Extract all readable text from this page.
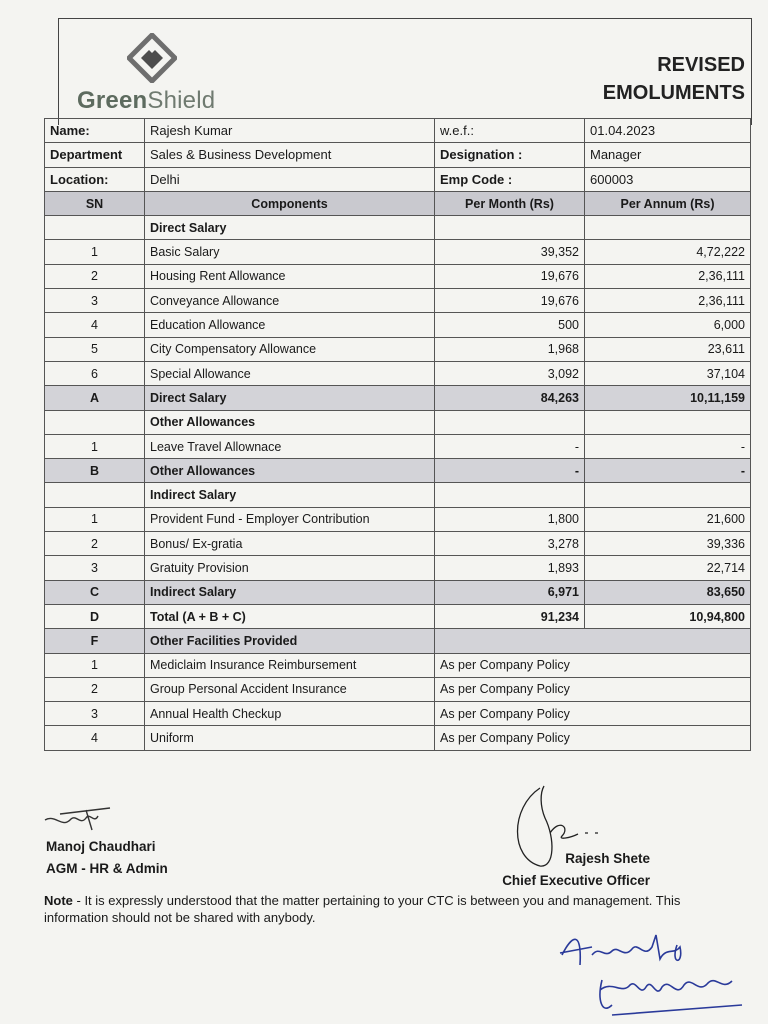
GreenShield
REVISED
EMOLUMENTS
Name:	Rajesh Kumar	w.e.f.:	01.04.2023
Department	Sales & Business Development	Designation :	Manager
Location:	Delhi	Emp Code :	600003
SN	Components	Per Month (Rs)	Per Annum (Rs)
	Direct Salary		
1	Basic Salary	39,352	4,72,222
2	Housing Rent Allowance	19,676	2,36,111
3	Conveyance Allowance	19,676	2,36,111
4	Education Allowance	500	6,000
5	City Compensatory Allowance	1,968	23,611
6	Special Allowance	3,092	37,104
A	Direct Salary	84,263	10,11,159
	Other Allowances		
1	Leave Travel Allownace	-	-
B	Other Allowances	-	-
	Indirect Salary		
1	Provident Fund - Employer Contribution	1,800	21,600
2	Bonus/ Ex-gratia	3,278	39,336
3	Gratuity Provision	1,893	22,714
C	Indirect Salary	6,971	83,650
D	Total (A + B + C)	91,234	10,94,800
F	Other Facilities Provided		
1	Mediclaim Insurance Reimbursement	As per Company Policy	
2	Group Personal Accident Insurance	As per Company Policy	
3	Annual Health Checkup	As per Company Policy	
4	Uniform	As per Company Policy	
Manoj Chaudhari
AGM - HR & Admin
Rajesh Shete
Chief Executive Officer
Note - It is expressly understood that the matter pertaining to your CTC is between you and management. This information should not be shared with anybody.
